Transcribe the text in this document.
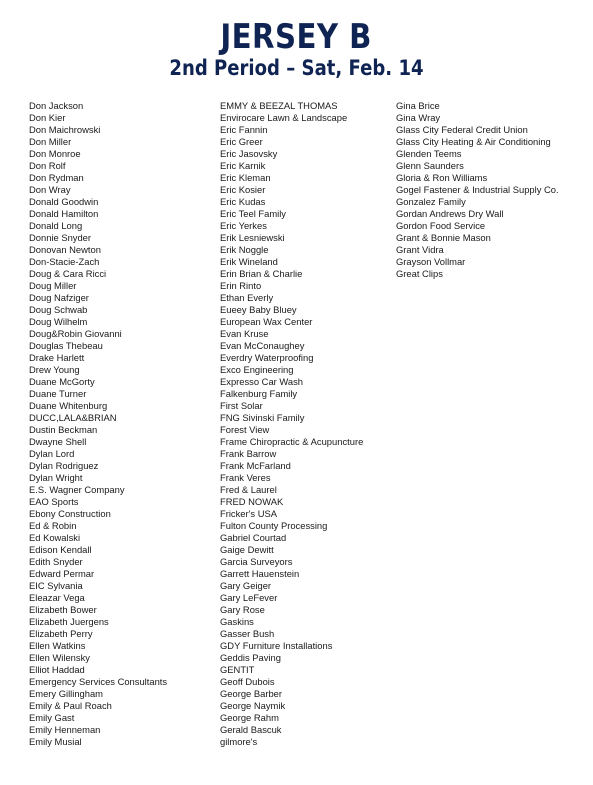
JERSEY B
2nd Period – Sat, Feb. 14
Don Jackson
Don Kier
Don Maichrowski
Don Miller
Don Monroe
Don Rolf
Don Rydman
Don Wray
Donald Goodwin
Donald Hamilton
Donald Long
Donnie Snyder
Donovan Newton
Don-Stacie-Zach
Doug & Cara Ricci
Doug Miller
Doug Nafziger
Doug Schwab
Doug Wilhelm
Doug&Robin Giovanni
Douglas Thebeau
Drake Harlett
Drew Young
Duane McGorty
Duane Turner
Duane Whitenburg
DUCC,LALA&BRIAN
Dustin Beckman
Dwayne Shell
Dylan Lord
Dylan Rodriguez
Dylan Wright
E.S. Wagner Company
EAO Sports
Ebony Construction
Ed & Robin
Ed Kowalski
Edison Kendall
Edith Snyder
Edward Permar
EIC Sylvania
Eleazar Vega
Elizabeth Bower
Elizabeth Juergens
Elizabeth Perry
Ellen Watkins
Ellen Wilensky
Elliot Haddad
Emergency Services Consultants
Emery Gillingham
Emily & Paul Roach
Emily Gast
Emily Henneman
Emily Musial
EMMY & BEEZAL THOMAS
Envirocare Lawn & Landscape
Eric Fannin
Eric Greer
Eric Jasovsky
Eric Karnik
Eric Kleman
Eric Kosier
Eric Kudas
Eric Teel Family
Eric Yerkes
Erik Lesniewski
Erik Noggle
Erik Wineland
Erin Brian & Charlie
Erin Rinto
Ethan Everly
Eueey Baby Bluey
European Wax Center
Evan Kruse
Evan McConaughey
Everdry Waterproofing
Exco Engineering
Expresso Car Wash
Falkenburg Family
First Solar
FNG Sivinski Family
Forest View
Frame Chiropractic & Acupuncture
Frank Barrow
Frank McFarland
Frank Veres
Fred & Laurel
FRED NOWAK
Fricker's USA
Fulton County Processing
Gabriel Courtad
Gaige Dewitt
Garcia Surveyors
Garrett Hauenstein
Gary Geiger
Gary LeFever
Gary Rose
Gaskins
Gasser Bush
GDY Furniture Installations
Geddis Paving
GENTIT
Geoff Dubois
George Barber
George Naymik
George Rahm
Gerald Bascuk
gilmore's
Gina Brice
Gina Wray
Glass City Federal Credit Union
Glass City Heating & Air Conditioning
Glenden Teems
Glenn Saunders
Gloria & Ron Williams
Gogel Fastener & Industrial Supply Co.
Gonzalez Family
Gordan Andrews Dry Wall
Gordon Food Service
Grant & Bonnie Mason
Grant Vidra
Grayson Vollmar
Great Clips
